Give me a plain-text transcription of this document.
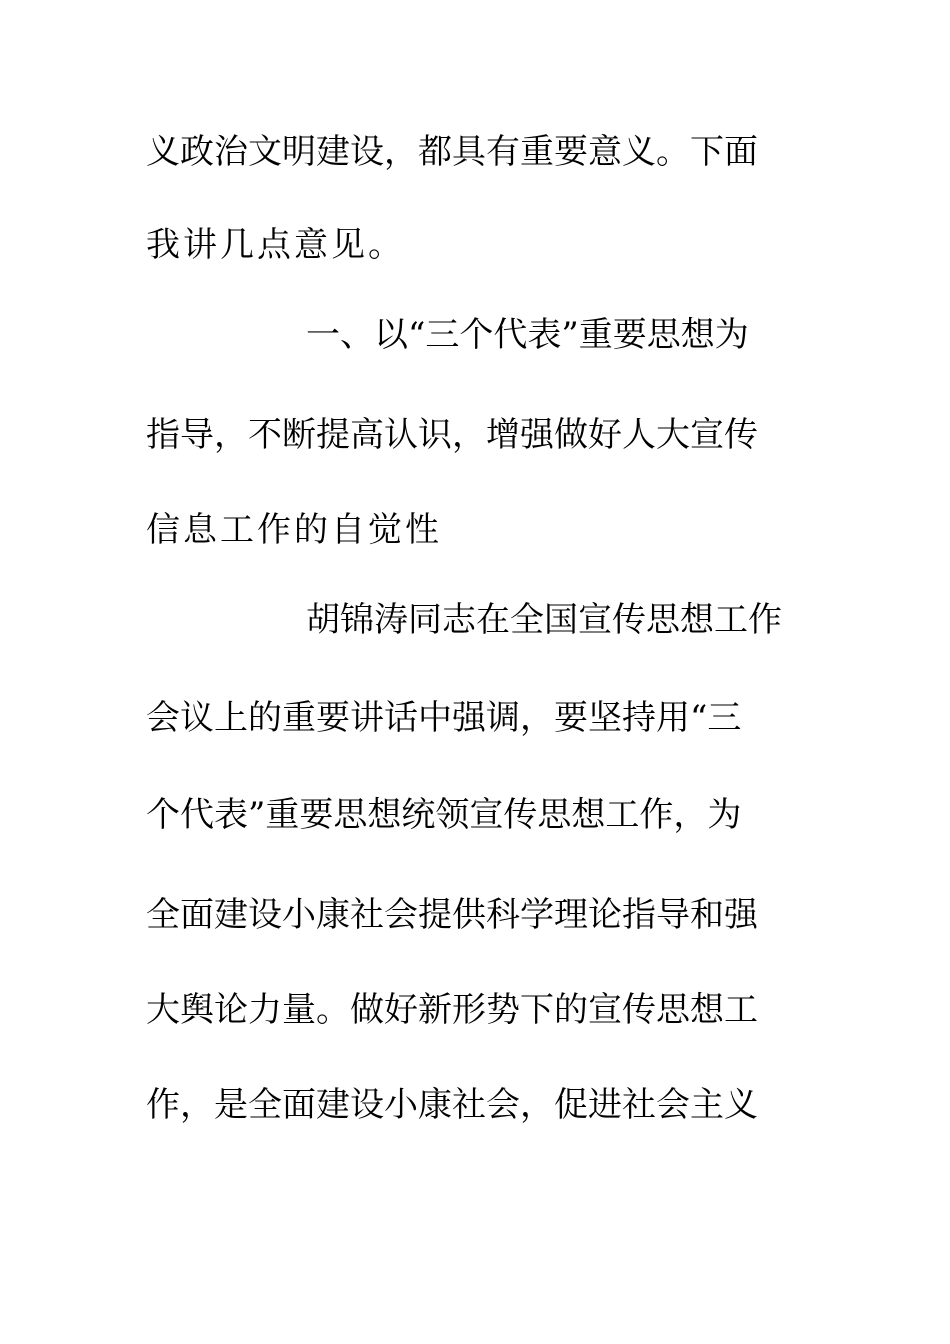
义政治文明建设，都具有重要意义。下面
我讲几点意见。
一、以“三个代表”重要思想为
指导，不断提高认识，增强做好人大宣传
信息工作的自觉性
胡锦涛同志在全国宣传思想工作
会议上的重要讲话中强调，要坚持用“三
个代表”重要思想统领宣传思想工作，为
全面建设小康社会提供科学理论指导和强
大舆论力量。做好新形势下的宣传思想工
作，是全面建设小康社会，促进社会主义
